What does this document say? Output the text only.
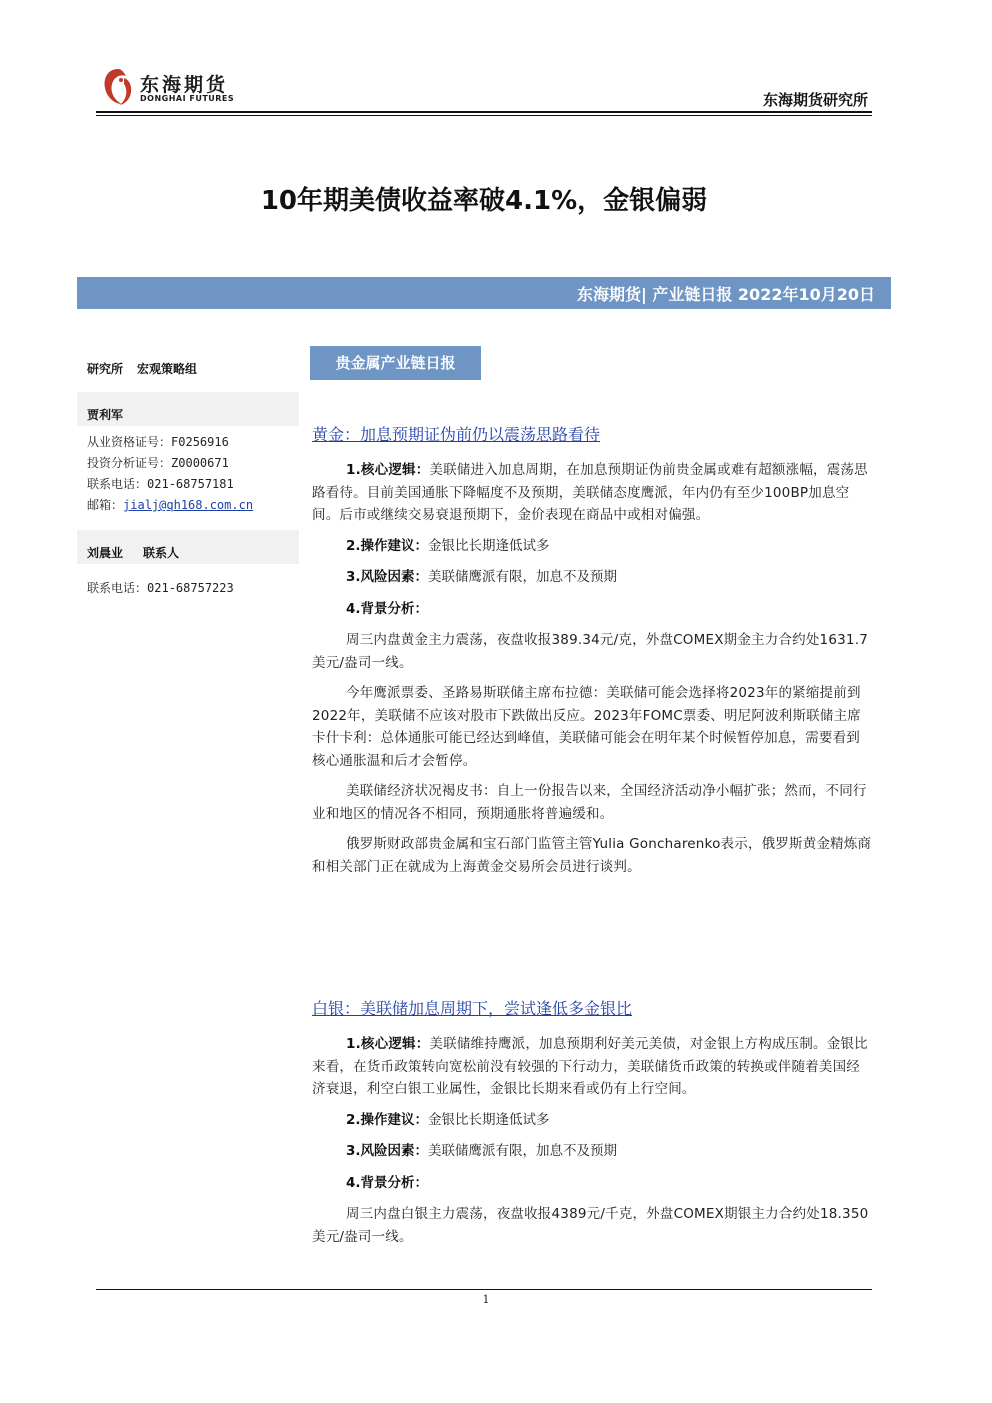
东海期货
DONGHAI FUTURES	东海期货研究所
10年期美债收益率破4.1%，金银偏弱
东海期货| 产业链日报 2022年10月20日
研究所 宏观策略组
贾利军
从业资格证号：F0256916
投资分析证号：Z0000671
联系电话：021-68757181
邮箱：jialj@qh168.com.cn
刘晨业 联系人
联系电话：021-68757223
贵金属产业链日报
黄金：加息预期证伪前仍以震荡思路看待
1.核心逻辑：美联储进入加息周期，在加息预期证伪前贵金属或难有超额涨幅，震荡思路看待。目前美国通胀下降幅度不及预期，美联储态度鹰派，年内仍有至少100BP加息空间。后市或继续交易衰退预期下，金价表现在商品中或相对偏强。
2.操作建议：金银比长期逢低试多
3.风险因素：美联储鹰派有限，加息不及预期
4.背景分析：
周三内盘黄金主力震荡，夜盘收报389.34元/克，外盘COMEX期金主力合约处1631.7美元/盎司一线。
今年鹰派票委、圣路易斯联储主席布拉德：美联储可能会选择将2023年的紧缩提前到2022年，美联储不应该对股市下跌做出反应。2023年FOMC票委、明尼阿波利斯联储主席卡什卡利：总体通胀可能已经达到峰值，美联储可能会在明年某个时候暂停加息，需要看到核心通胀温和后才会暂停。
美联储经济状况褐皮书：自上一份报告以来，全国经济活动净小幅扩张；然而，不同行业和地区的情况各不相同，预期通胀将普遍缓和。
俄罗斯财政部贵金属和宝石部门监管主管Yulia Goncharenko表示，俄罗斯黄金精炼商和相关部门正在就成为上海黄金交易所会员进行谈判。
白银：美联储加息周期下，尝试逢低多金银比
1.核心逻辑：美联储维持鹰派，加息预期利好美元美债，对金银上方构成压制。金银比来看，在货币政策转向宽松前没有较强的下行动力，美联储货币政策的转换或伴随着美国经济衰退，利空白银工业属性，金银比长期来看或仍有上行空间。
2.操作建议：金银比长期逢低试多
3.风险因素：美联储鹰派有限，加息不及预期
4.背景分析：
周三内盘白银主力震荡，夜盘收报4389元/千克，外盘COMEX期银主力合约处18.350美元/盎司一线。
1
